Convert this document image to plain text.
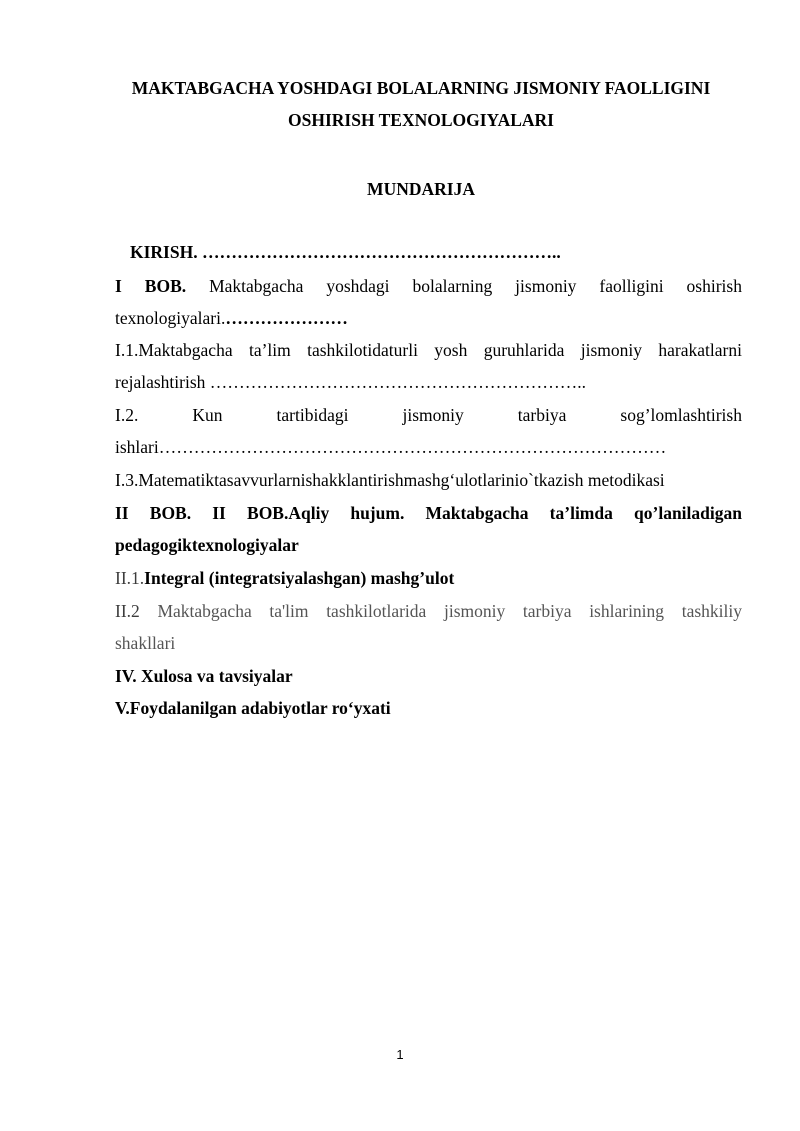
MAKTABGACHA YOSHDAGI BOLALARNING JISMONIY FAOLLIGINI
OSHIRISH TEXNOLOGIYALARI
MUNDARIJA
KIRISH. ……………………………………………………..
I BOB. Maktabgacha yoshdagi bolalarning jismoniy faolligini oshirish
texnologiyalari.…………………
I.1.Maktabgacha ta’lim tashkilotidaturli yosh guruhlarida jismoniy harakatlarni
rejalashtirish ………………………………………………………..
I.2.	Kun	tartibidagi	jismoniy	tarbiya	sog’lomlashtirish
ishlari……………………………………………………………………………
I.3.Matematiktasavvurlarnishakklantirishmashg‘ulotlarinio`tkazish metodikasi
II BOB. II BOB.Aqliy hujum. Maktabgacha ta’limda qo’laniladigan
pedagogiktexnologiyalar
II.1.Integral (integratsiyalashgan) mashg’ulot
II.2 Maktabgacha ta'lim tashkilotlarida jismoniy tarbiya ishlarining tashkiliy
shakllari
IV. Xulosa va tavsiyalar
V.Foydalanilgan adabiyotlar ro‘yxati
1
